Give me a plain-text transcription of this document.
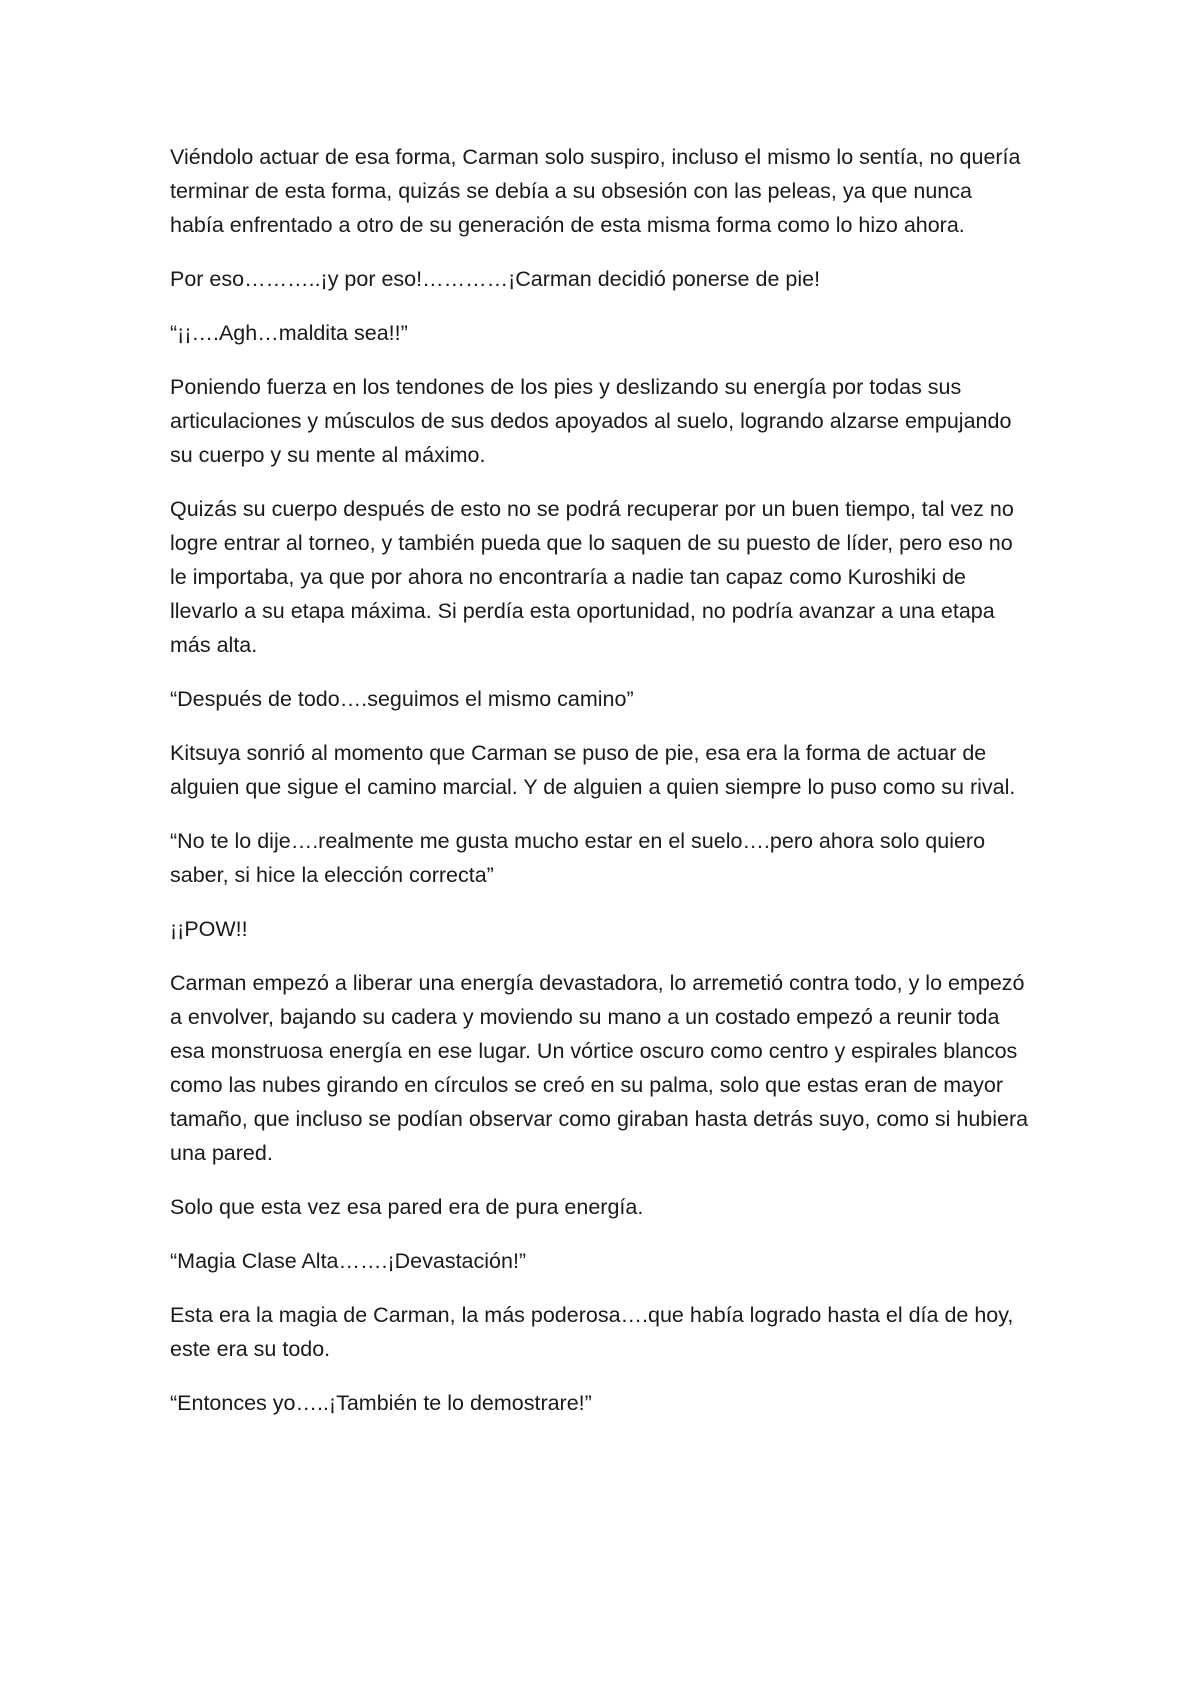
Viéndolo actuar de esa forma, Carman solo suspiro, incluso el mismo lo sentía, no quería terminar de esta forma, quizás se debía a su obsesión con las peleas, ya que nunca había enfrentado a otro de su generación de esta misma forma como lo hizo ahora.

Por eso………..¡y por eso!…………¡Carman decidió ponerse de pie!

“¡¡….Agh…maldita sea!!”

Poniendo fuerza en los tendones de los pies y deslizando su energía por todas sus articulaciones y músculos de sus dedos apoyados al suelo, logrando alzarse empujando su cuerpo y su mente al máximo.

Quizás su cuerpo después de esto no se podrá recuperar por un buen tiempo, tal vez no logre entrar al torneo, y también pueda que lo saquen de su puesto de líder, pero eso no le importaba, ya que por ahora no encontraría a nadie tan capaz como Kuroshiki de llevarlo a su etapa máxima. Si perdía esta oportunidad, no podría avanzar a una etapa más alta.

“Después de todo….seguimos el mismo camino”

Kitsuya sonrió al momento que Carman se puso de pie, esa era la forma de actuar de alguien que sigue el camino marcial. Y de alguien a quien siempre lo puso como su rival.

“No te lo dije….realmente me gusta mucho estar en el suelo….pero ahora solo quiero saber, si hice la elección correcta”

¡¡POW!!

Carman empezó a liberar una energía devastadora, lo arremetió contra todo, y lo empezó a envolver, bajando su cadera y moviendo su mano a un costado empezó a reunir toda esa monstruosa energía en ese lugar. Un vórtice oscuro como centro y espirales blancos como las nubes girando en círculos se creó en su palma, solo que estas eran de mayor tamaño, que incluso se podían observar como giraban hasta detrás suyo, como si hubiera una pared.

Solo que esta vez esa pared era de pura energía.

“Magia Clase Alta…….¡Devastación!”

Esta era la magia de Carman, la más poderosa….que había logrado hasta el día de hoy, este era su todo.

“Entonces yo…..¡También te lo demostrare!”
